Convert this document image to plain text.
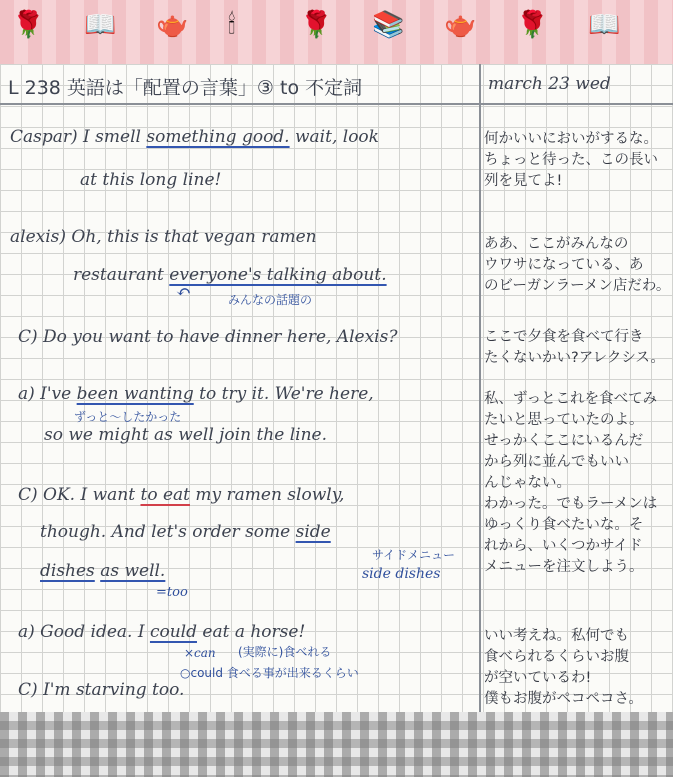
🌹 📖 🫖 🕯 🌹 📚 🫖 🌹 📖
L 238 英語は「配置の言葉」③ to 不定詞	march 23 wed
Caspar) I smell something good. wait, look
at this long line!
alexis) Oh, this is that vegan ramen
restaurant everyone's talking about.
↶	みんなの話題の
C) Do you want to have dinner here, Alexis?
a) I've been wanting to try it. We're here,
ずっと〜したかった
so we might as well join the line.
C) OK. I want to eat my ramen slowly,
though. And let's order some side
サイドメニュー
dishes as well.	side dishes
=too
a) Good idea. I could eat a horse!
×can (実際に)食べれる
○could 食べる事が出来るくらい
C) I'm starving too.
何かいいにおいがするな。
ちょっと待った、この長い
列を見てよ!
ああ、ここがみんなの
ウワサになっている、あ
のビーガンラーメン店だわ。
ここで夕食を食べて行き
たくないかい?アレクシス。
私、ずっとこれを食べてみ
たいと思っていたのよ。
せっかくここにいるんだ
から列に並んでもいい
んじゃない。
わかった。でもラーメンは
ゆっくり食べたいな。そ
れから、いくつかサイド
メニューを注文しよう。
いい考えね。私何でも
食べられるくらいお腹
が空いているわ!
僕もお腹がペコペコさ。
